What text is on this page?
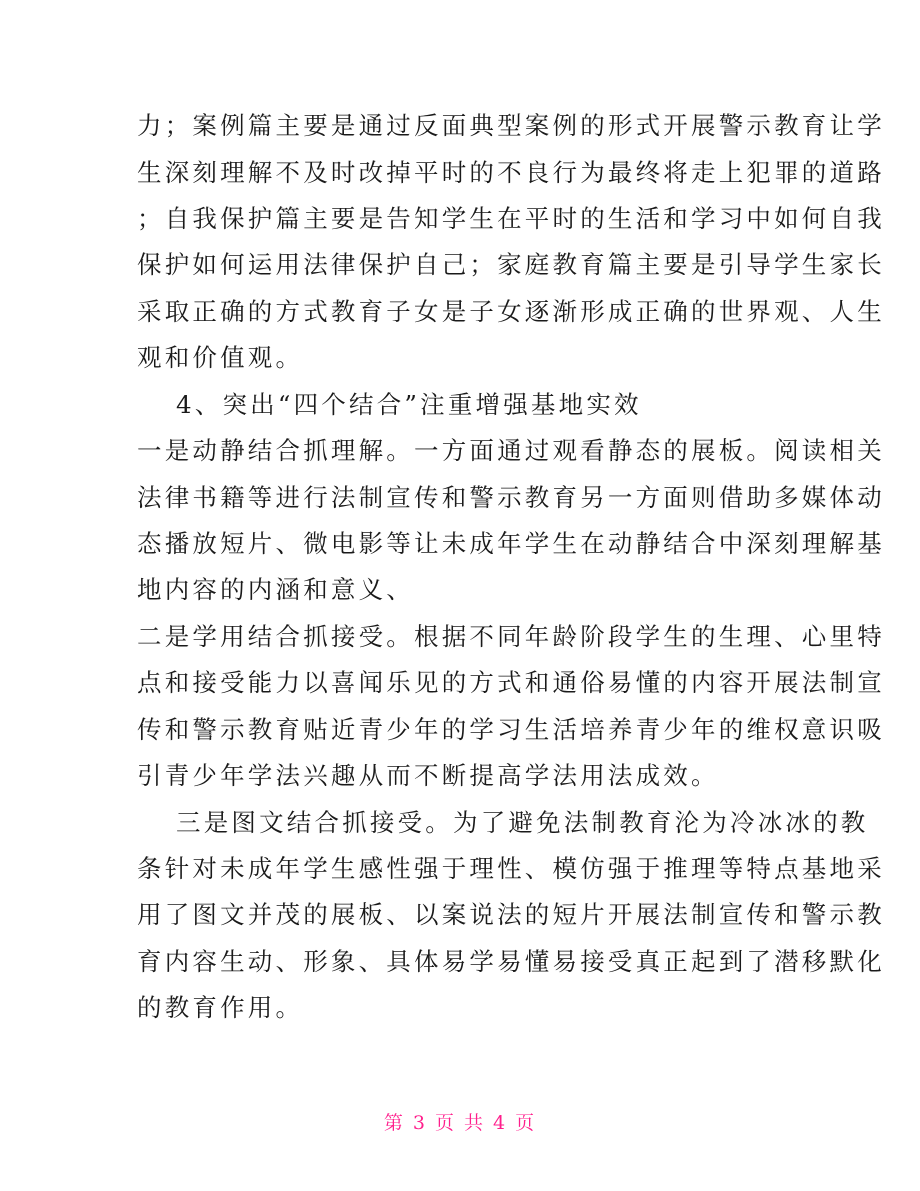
力；案例篇主要是通过反面典型案例的形式开展警示教育让学
生深刻理解不及时改掉平时的不良行为最终将走上犯罪的道路
；自我保护篇主要是告知学生在平时的生活和学习中如何自我
保护如何运用法律保护自己；家庭教育篇主要是引导学生家长
采取正确的方式教育子女是子女逐渐形成正确的世界观、人生
观和价值观。
4、突出“四个结合”注重增强基地实效
一是动静结合抓理解。一方面通过观看静态的展板。阅读相关
法律书籍等进行法制宣传和警示教育另一方面则借助多媒体动
态播放短片、微电影等让未成年学生在动静结合中深刻理解基
地内容的内涵和意义、
二是学用结合抓接受。根据不同年龄阶段学生的生理、心里特
点和接受能力以喜闻乐见的方式和通俗易懂的内容开展法制宣
传和警示教育贴近青少年的学习生活培养青少年的维权意识吸
引青少年学法兴趣从而不断提高学法用法成效。
三是图文结合抓接受。为了避免法制教育沦为冷冰冰的教
条针对未成年学生感性强于理性、模仿强于推理等特点基地采
用了图文并茂的展板、以案说法的短片开展法制宣传和警示教
育内容生动、形象、具体易学易懂易接受真正起到了潜移默化
的教育作用。
第 3 页 共 4 页
